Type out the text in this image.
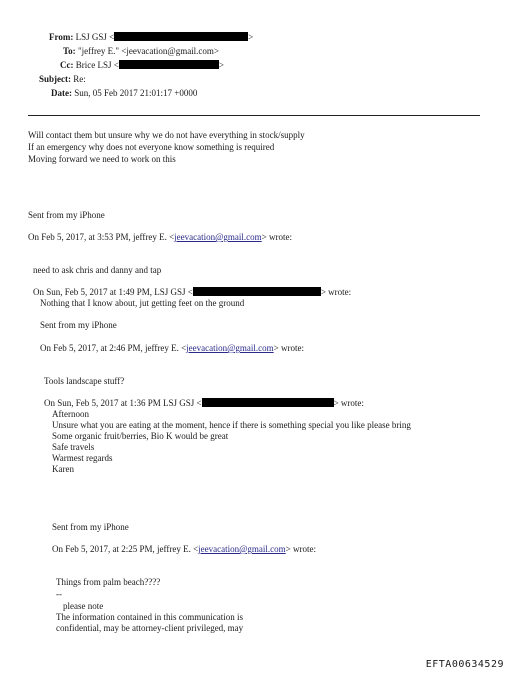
From: LSJ GSJ <	>
To: "jeffrey E." <jeevacation@gmail.com>
Cc: Brice LSJ <	>
Subject: Re:
Date: Sun, 05 Feb 2017 21:01:17 +0000
Will contact them but unsure why we do not have everything in stock/supply
If an emergency why does not everyone know something is required
Moving forward we need to work on this
Sent from my iPhone
On Feb 5, 2017, at 3:53 PM, jeffrey E. <jeevacation@gmail.com> wrote:
need to ask chris and danny and tap
On Sun, Feb 5, 2017 at 1:49 PM, LSJ GSJ <	> wrote:
Nothing that I know about, jut getting feet on the ground
Sent from my iPhone
On Feb 5, 2017, at 2:46 PM, jeffrey E. <jeevacation@gmail.com> wrote:
Tools landscape stuff?
On Sun, Feb 5, 2017 at 1:36 PM LSJ GSJ <	> wrote:
Afternoon
Unsure what you are eating at the moment, hence if there is something special you like please bring
Some organic fruit/berries, Bio K would be great
Safe travels
Warmest regards
Karen
Sent from my iPhone
On Feb 5, 2017, at 2:25 PM, jeffrey E. <jeevacation@gmail.com> wrote:
Things from palm beach????
--
please note
The information contained in this communication is
confidential, may be attorney-client privileged, may
EFTA00634529
